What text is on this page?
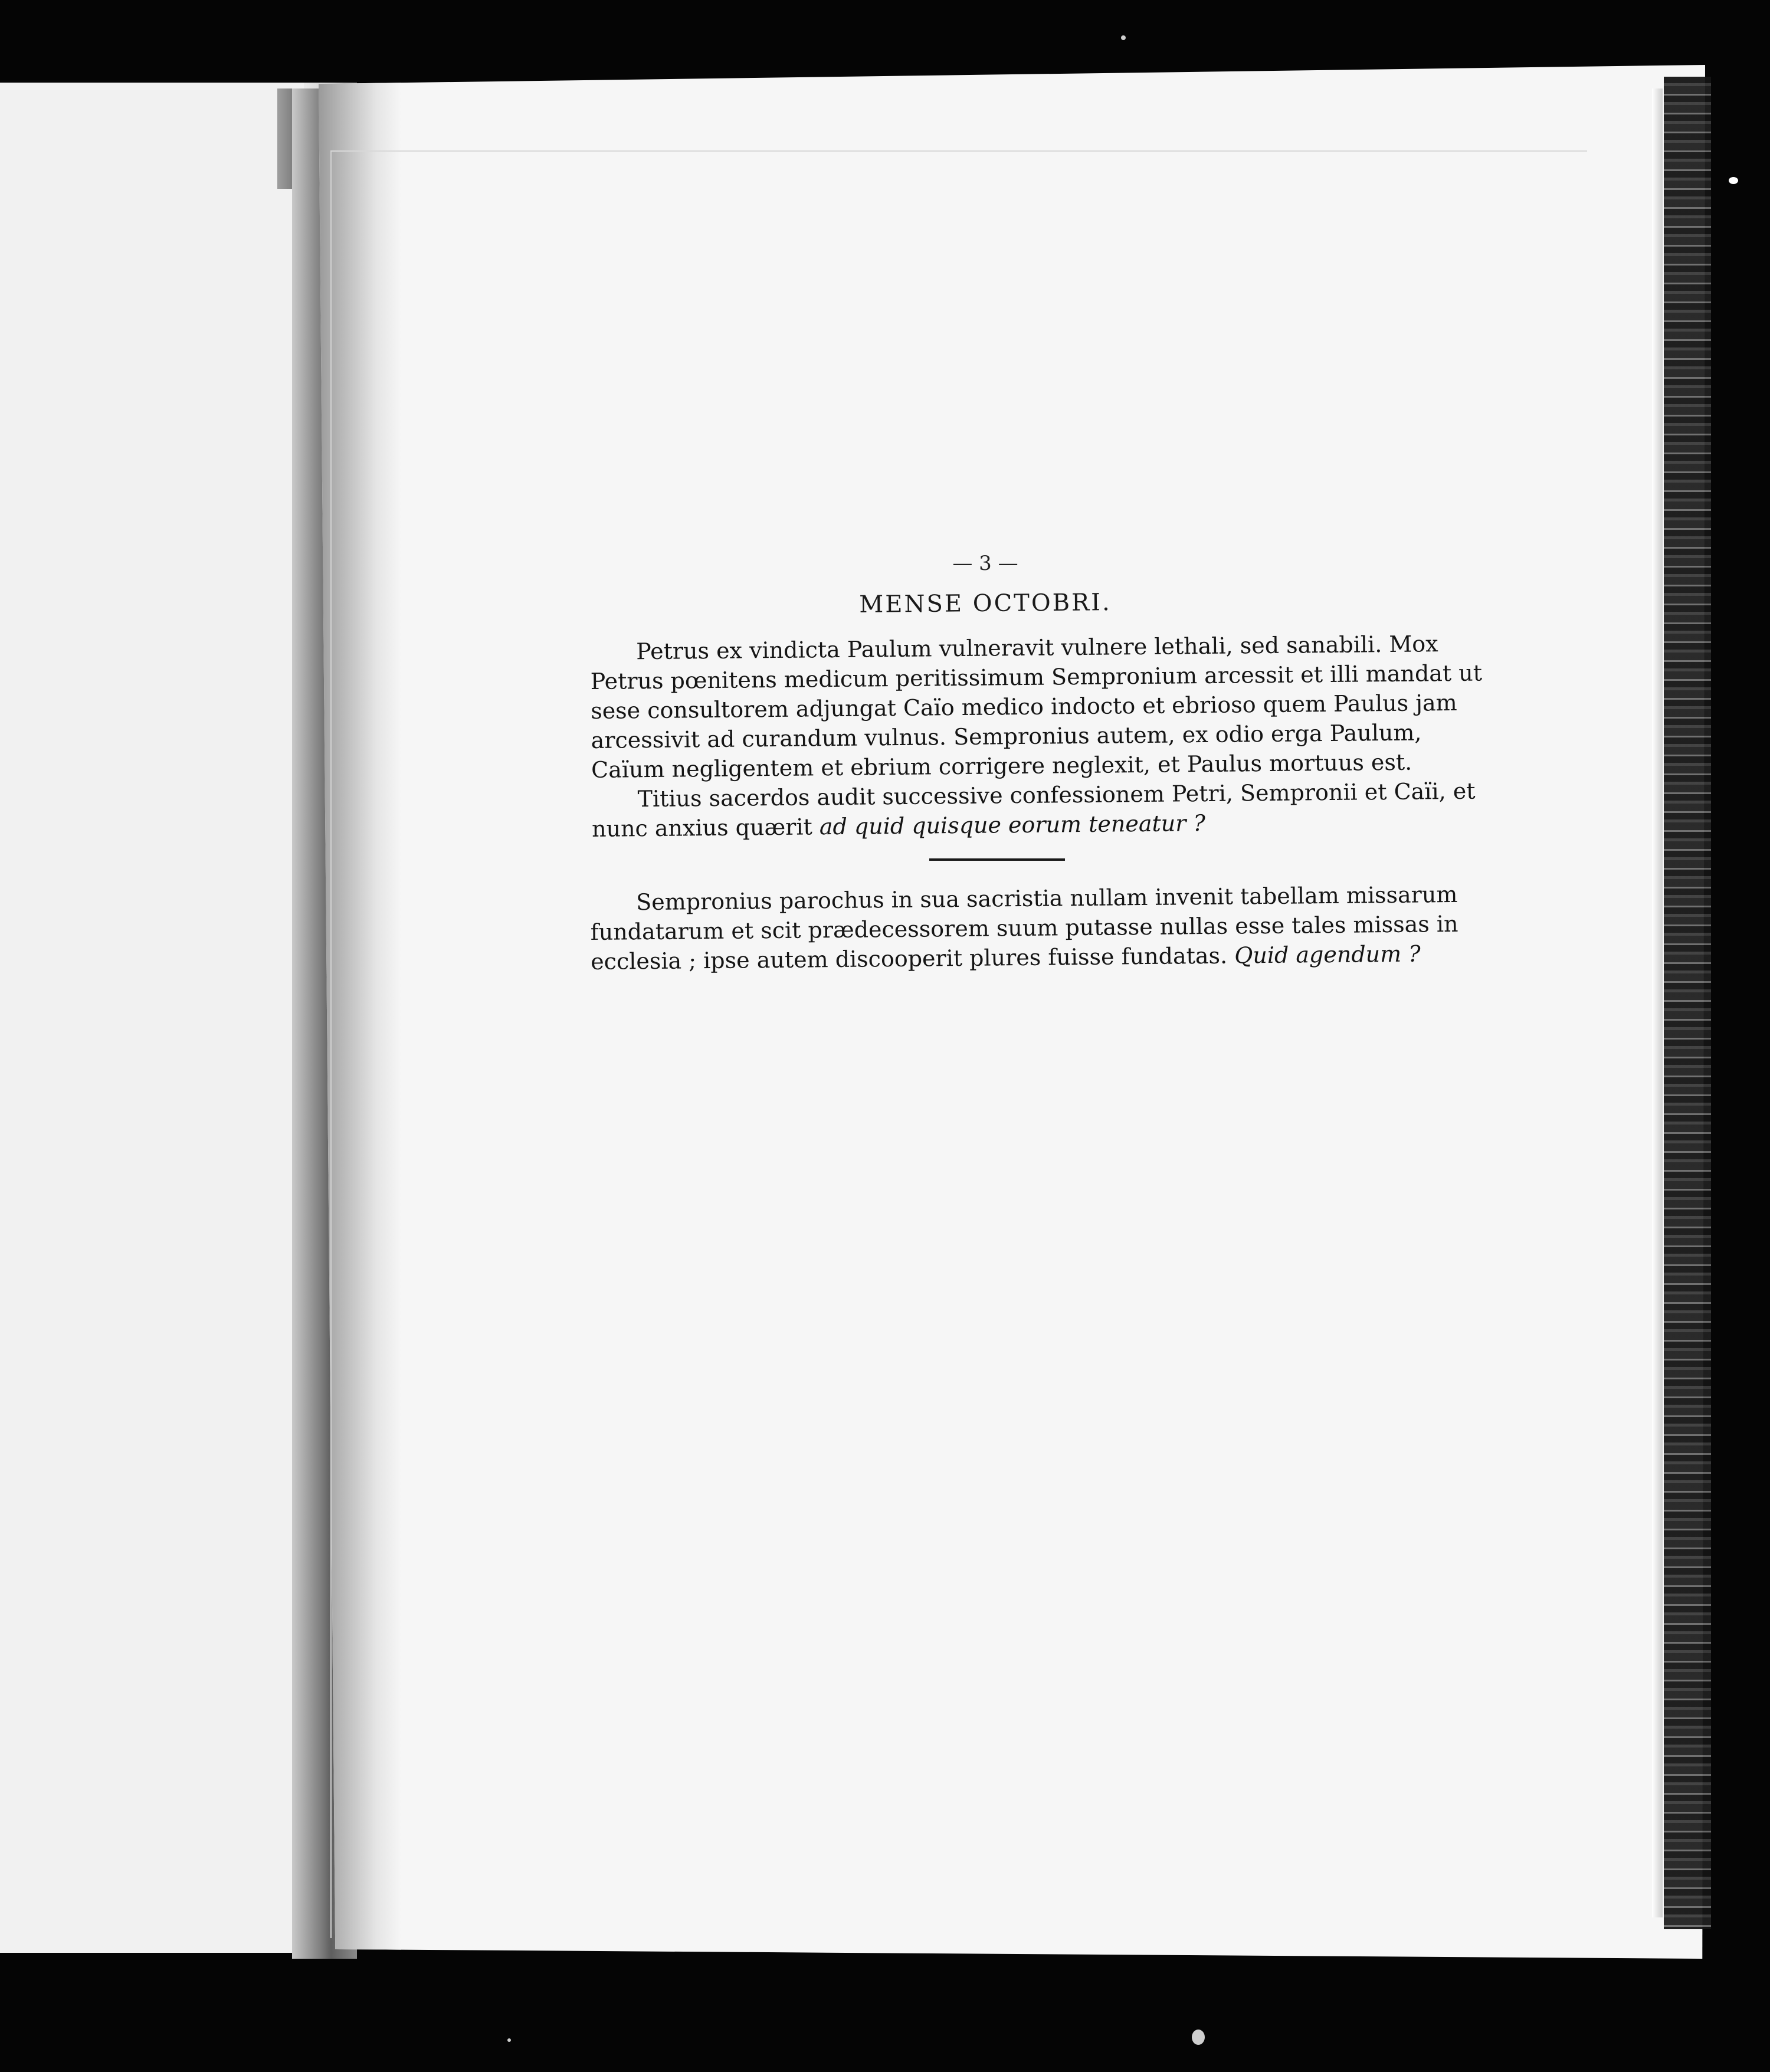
— 3 —
MENSE OCTOBRI.
Petrus ex vindicta Paulum vulneravit vulnere lethali, sed sanabili. Mox
Petrus pœnitens medicum peritissimum Sempronium arcessit et illi mandat ut
sese consultorem adjungat Caïo medico indocto et ebrioso quem Paulus jam
arcessivit ad curandum vulnus. Sempronius autem, ex odio erga Paulum,
Caïum negligentem et ebrium corrigere neglexit, et Paulus mortuus est.
Titius sacerdos audit successive confessionem Petri, Sempronii et Caïi, et
nunc anxius quærit ad quid quisque eorum teneatur ?
Sempronius parochus in sua sacristia nullam invenit tabellam missarum
fundatarum et scit prædecessorem suum putasse nullas esse tales missas in
ecclesia ; ipse autem discooperit plures fuisse fundatas. Quid agendum ?
